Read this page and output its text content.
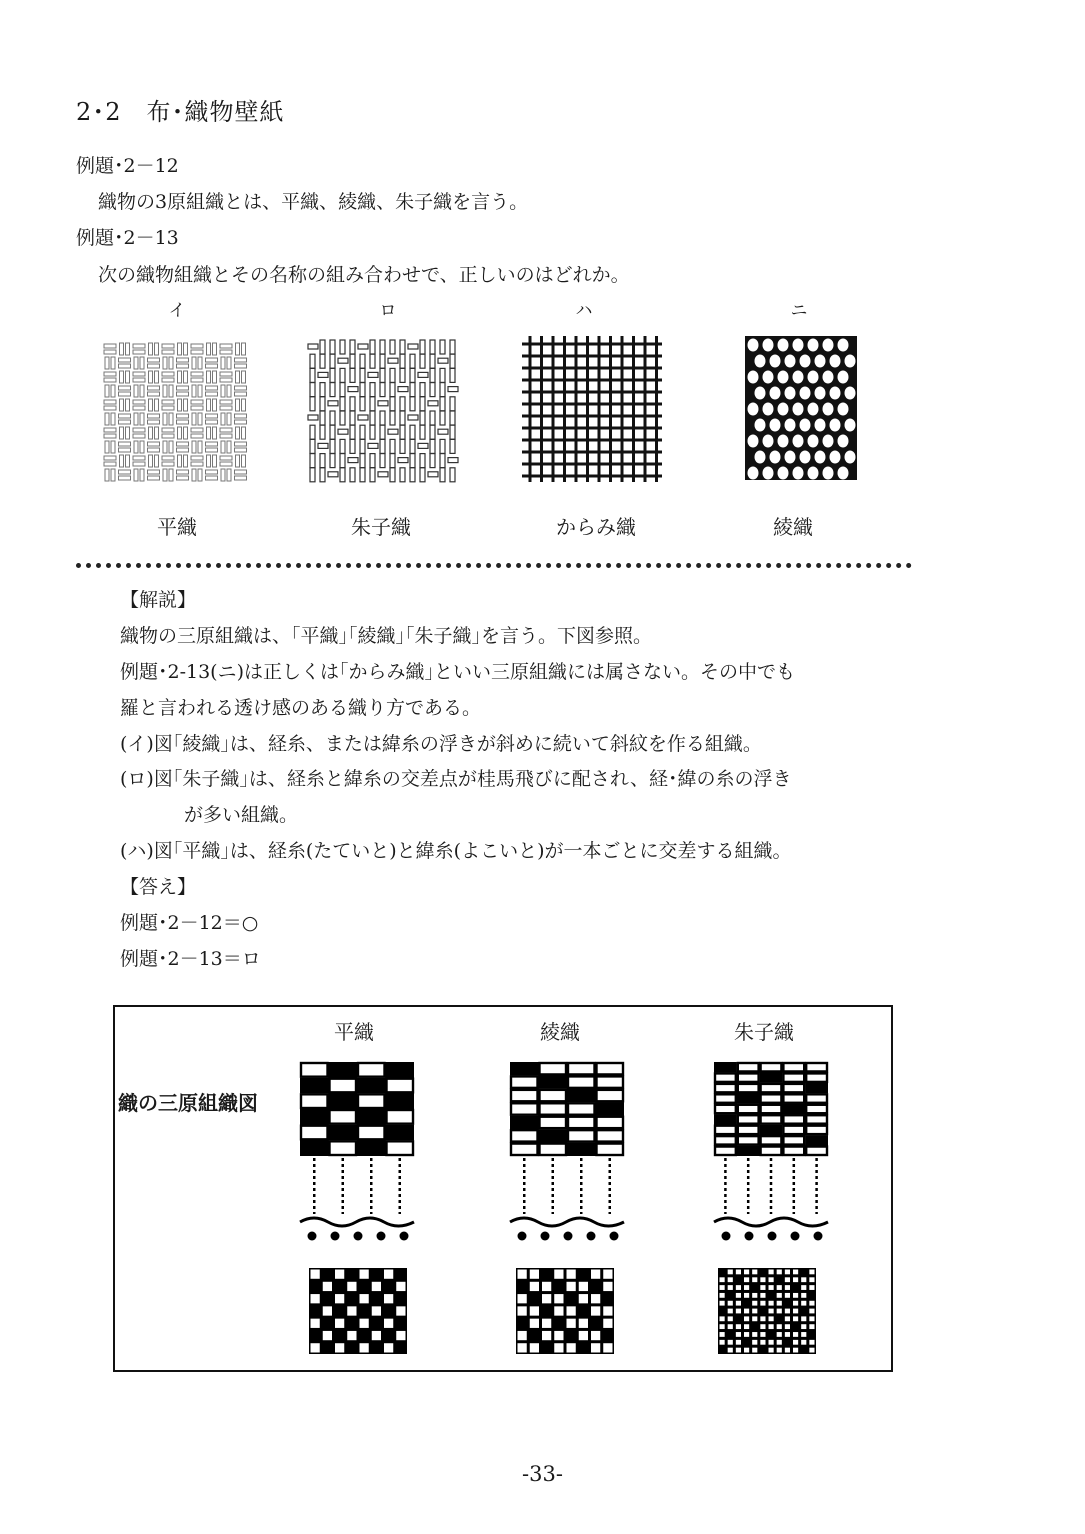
2･2　布･織物壁紙
例題･2－12
織物の3原組織とは、平織、綾織、朱子織を言う。
例題･2－13
次の織物組織とその名称の組み合わせで、正しいのはどれか。
イ	ロ	ハ	ニ
平織	朱子織	からみ織	綾織
【解説】
織物の三原組織は、｢平織｣｢綾織｣｢朱子織｣を言う。下図参照。
例題･2-13(ニ)は正しくは｢からみ織｣といい三原組織には属さない。その中でも
羅と言われる透け感のある織り方である。
(イ)図｢綾織｣は、経糸、または緯糸の浮きが斜めに続いて斜紋を作る組織。
(ロ)図｢朱子織｣は、経糸と緯糸の交差点が桂馬飛びに配され、経･緯の糸の浮き
が多い組織。
(ハ)図｢平織｣は、経糸(たていと)と緯糸(よこいと)が一本ごとに交差する組織。
【答え】
例題･2－12＝○
例題･2－13＝ロ
平織	綾織	朱子織
織の三原組織図
-33-
